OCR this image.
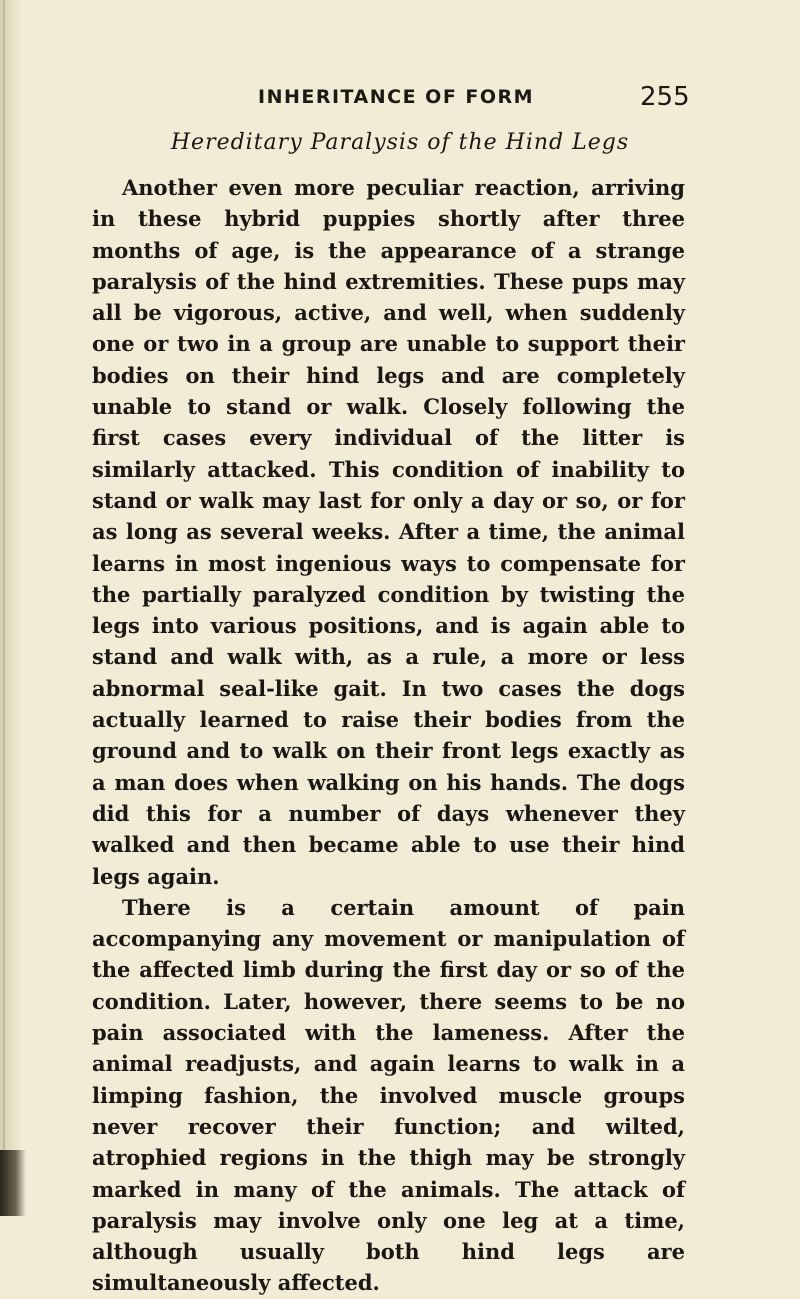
INHERITANCE OF FORM	255
Hereditary Paralysis of the Hind Legs

Another even more peculiar reaction, arriving in these hybrid puppies shortly after three months of age, is the appearance of a strange paralysis of the hind extremities. These pups may all be vigorous, active, and well, when suddenly one or two in a group are unable to support their bodies on their hind legs and are completely unable to stand or walk. Closely following the first cases every individual of the litter is similarly attacked. This condition of inability to stand or walk may last for only a day or so, or for as long as several weeks. After a time, the animal learns in most ingenious ways to compensate for the partially paralyzed condition by twisting the legs into various positions, and is again able to stand and walk with, as a rule, a more or less abnormal seal-like gait. In two cases the dogs actually learned to raise their bodies from the ground and to walk on their front legs exactly as a man does when walking on his hands. The dogs did this for a number of days whenever they walked and then became able to use their hind legs again.

There is a certain amount of pain accompanying any movement or manipulation of the affected limb during the first day or so of the condition. Later, however, there seems to be no pain associated with the lameness. After the animal readjusts, and again learns to walk in a limping fashion, the involved muscle groups never recover their function; and wilted, atrophied regions in the thigh may be strongly marked in many of the animals. The attack of paralysis may involve only one leg at a time, although usually both hind legs are simultaneously affected.
